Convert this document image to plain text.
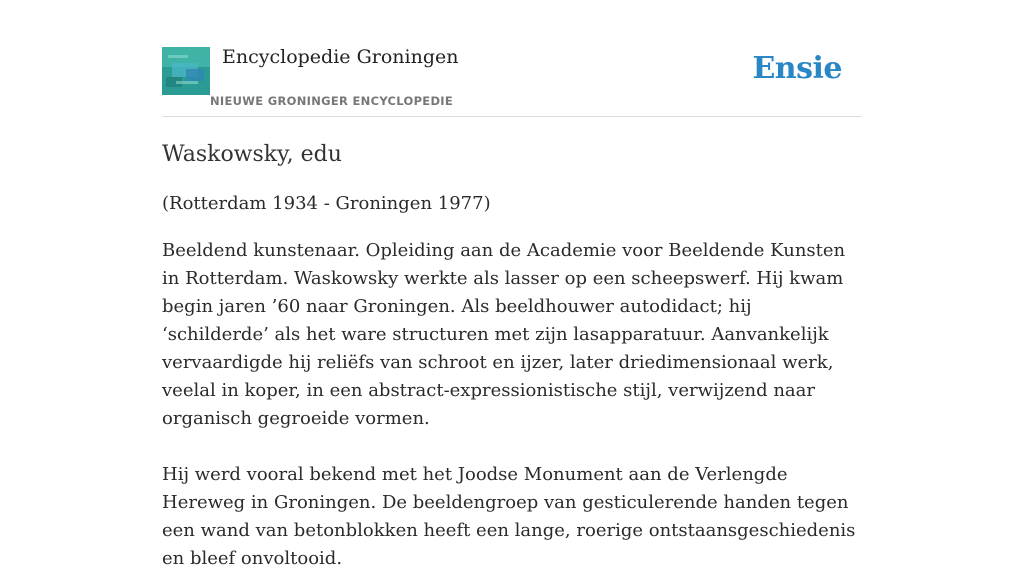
Encyclopedie Groningen
NIEUWE GRONINGER ENCYCLOPEDIE
Ensie
Waskowsky, edu

(Rotterdam 1934 - Groningen 1977)

Beeldend kunstenaar. Opleiding aan de Academie voor Beeldende Kunsten in Rotterdam. Waskowsky werkte als lasser op een scheepswerf. Hij kwam begin jaren ’60 naar Groningen. Als beeldhouwer autodidact; hij ‘schilderde’ als het ware structuren met zijn lasapparatuur. Aanvankelijk vervaardigde hij reliëfs van schroot en ijzer, later driedimensionaal werk, veelal in koper, in een abstract-expressionistische stijl, verwijzend naar organisch gegroeide vormen.

Hij werd vooral bekend met het Joodse Monument aan de Verlengde Hereweg in Groningen. De beeldengroep van gesticulerende handen tegen een wand van betonblokken heeft een lange, roerige ontstaansgeschiedenis en bleef onvoltooid.
